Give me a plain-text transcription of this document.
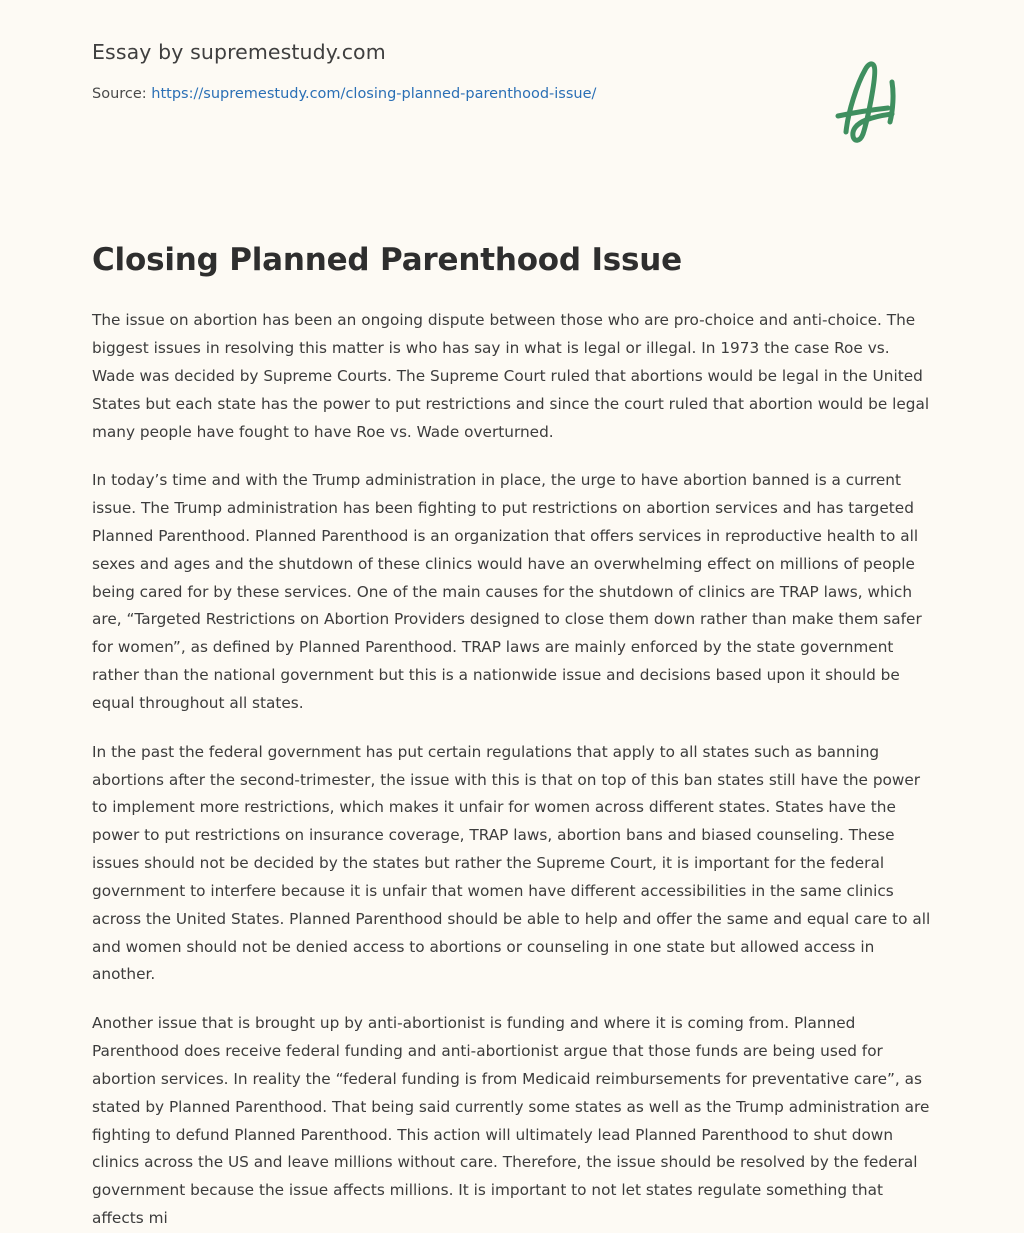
Essay by supremestudy.com

Source: https://supremestudy.com/closing-planned-parenthood-issue/

Closing Planned Parenthood Issue

The issue on abortion has been an ongoing dispute between those who are pro-choice and anti-choice. The biggest issues in resolving this matter is who has say in what is legal or illegal. In 1973 the case Roe vs. Wade was decided by Supreme Courts. The Supreme Court ruled that abortions would be legal in the United States but each state has the power to put restrictions and since the court ruled that abortion would be legal many people have fought to have Roe vs. Wade overturned.

In today’s time and with the Trump administration in place, the urge to have abortion banned is a current issue. The Trump administration has been fighting to put restrictions on abortion services and has targeted Planned Parenthood. Planned Parenthood is an organization that offers services in reproductive health to all sexes and ages and the shutdown of these clinics would have an overwhelming effect on millions of people being cared for by these services. One of the main causes for the shutdown of clinics are TRAP laws, which are, “Targeted Restrictions on Abortion Providers designed to close them down rather than make them safer for women”, as defined by Planned Parenthood. TRAP laws are mainly enforced by the state government rather than the national government but this is a nationwide issue and decisions based upon it should be equal throughout all states.

In the past the federal government has put certain regulations that apply to all states such as banning abortions after the second-trimester, the issue with this is that on top of this ban states still have the power to implement more restrictions, which makes it unfair for women across different states. States have the power to put restrictions on insurance coverage, TRAP laws, abortion bans and biased counseling. These issues should not be decided by the states but rather the Supreme Court, it is important for the federal government to interfere because it is unfair that women have different accessibilities in the same clinics across the United States. Planned Parenthood should be able to help and offer the same and equal care to all and women should not be denied access to abortions or counseling in one state but allowed access in another.

Another issue that is brought up by anti-abortionist is funding and where it is coming from. Planned Parenthood does receive federal funding and anti-abortionist argue that those funds are being used for abortion services. In reality the “federal funding is from Medicaid reimbursements for preventative care”, as stated by Planned Parenthood. That being said currently some states as well as the Trump administration are fighting to defund Planned Parenthood. This action will ultimately lead Planned Parenthood to shut down clinics across the US and leave millions without care. Therefore, the issue should be resolved by the federal government because the issue affects millions. It is important to not let states regulate something that affects mi
